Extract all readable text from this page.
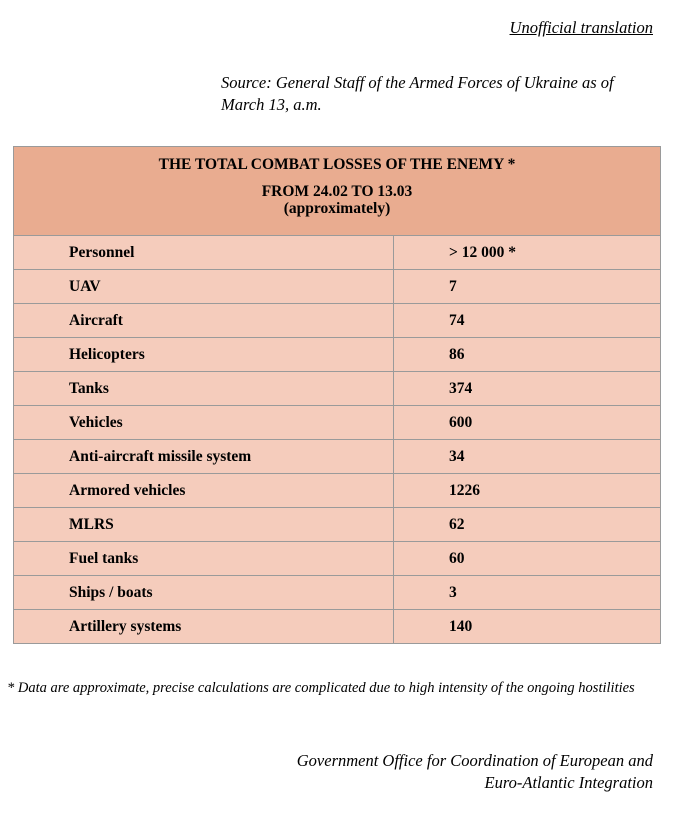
Unofficial translation
Source: General Staff of the Armed Forces of Ukraine as of
March 13, a.m.
THE TOTAL COMBAT LOSSES OF THE ENEMY *
FROM 24.02 TO 13.03
(approximately)	

Personnel	> 12 000 *
UAV	7
Aircraft	74
Helicopters	86
Tanks	374
Vehicles	600
Anti-aircraft missile system	34
Armored vehicles	1226
MLRS	62
Fuel tanks	60
Ships / boats	3
Artillery systems	140
* Data are approximate, precise calculations are complicated due to high intensity of the ongoing hostilities
Government Office for Coordination of European and
Euro-Atlantic Integration
